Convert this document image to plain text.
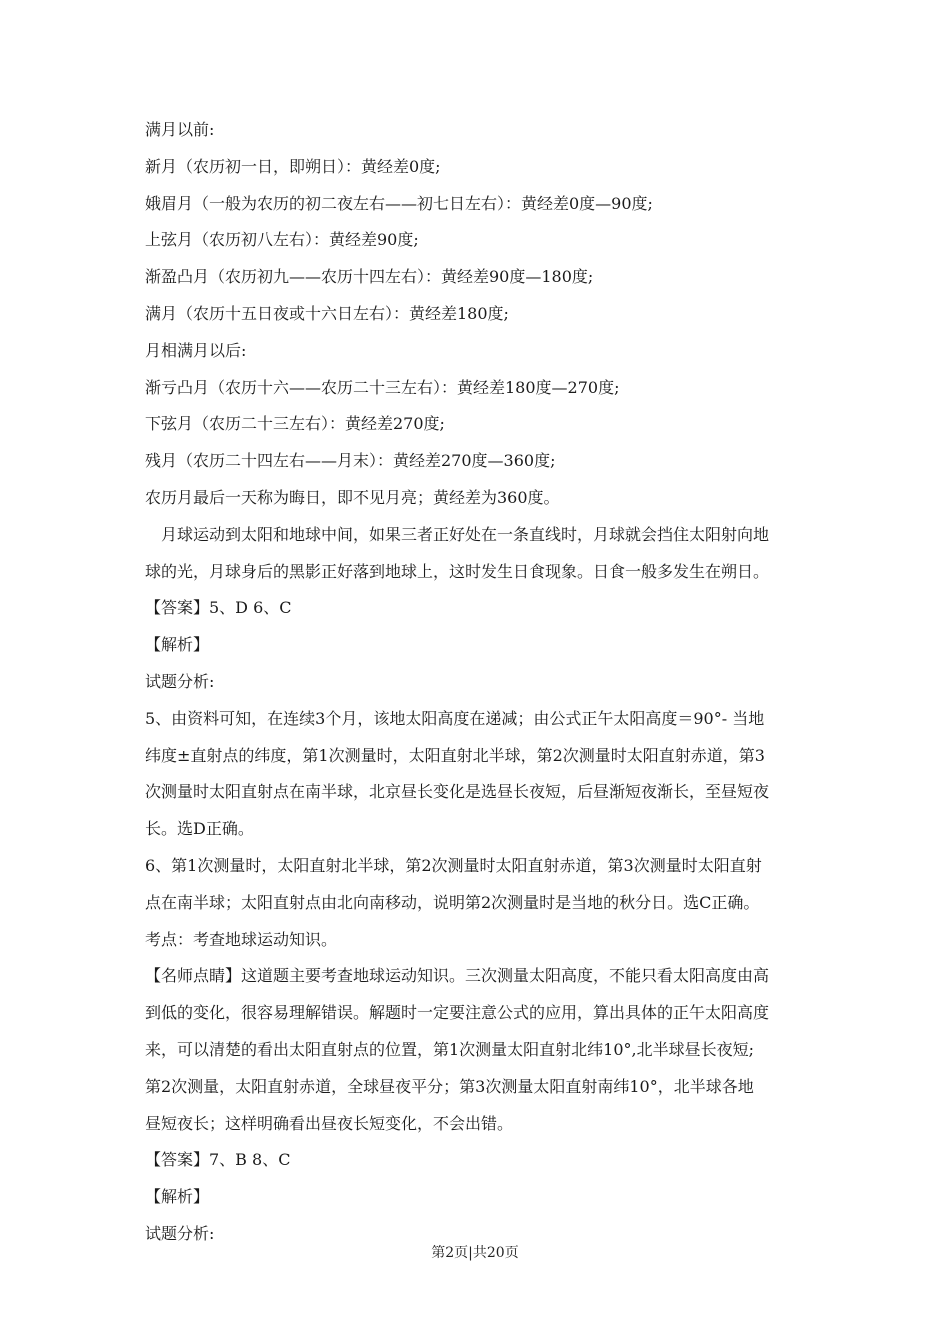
满月以前:
新月（农历初一日，即朔日）：黄经差0度;
娥眉月（一般为农历的初二夜左右——初七日左右）：黄经差0度—90度;
上弦月（农历初八左右）：黄经差90度;
渐盈凸月（农历初九——农历十四左右）：黄经差90度—180度;
满月（农历十五日夜或十六日左右）：黄经差180度;
月相满月以后:
渐亏凸月（农历十六——农历二十三左右）：黄经差180度—270度;
下弦月（农历二十三左右）：黄经差270度;
残月（农历二十四左右——月末）：黄经差270度—360度;
农历月最后一天称为晦日，即不见月亮；黄经差为360度。
月球运动到太阳和地球中间，如果三者正好处在一条直线时，月球就会挡住太阳射向地
球的光，月球身后的黑影正好落到地球上，这时发生日食现象。日食一般多发生在朔日。
【答案】5、D 6、C
【解析】
试题分析:
5、由资料可知，在连续3个月，该地太阳高度在递减；由公式正午太阳高度＝90°- 当地
纬度±直射点的纬度，第1次测量时，太阳直射北半球，第2次测量时太阳直射赤道，第3
次测量时太阳直射点在南半球，北京昼长变化是选昼长夜短，后昼渐短夜渐长，至昼短夜
长。选D正确。
6、第1次测量时，太阳直射北半球，第2次测量时太阳直射赤道，第3次测量时太阳直射
点在南半球；太阳直射点由北向南移动，说明第2次测量时是当地的秋分日。选C正确。
考点：考查地球运动知识。
【名师点睛】这道题主要考查地球运动知识。三次测量太阳高度，不能只看太阳高度由高
到低的变化，很容易理解错误。解题时一定要注意公式的应用，算出具体的正午太阳高度
来，可以清楚的看出太阳直射点的位置，第1次测量太阳直射北纬10°,北半球昼长夜短;
第2次测量，太阳直射赤道，全球昼夜平分；第3次测量太阳直射南纬10°，北半球各地
昼短夜长；这样明确看出昼夜长短变化，不会出错。
【答案】7、B 8、C
【解析】
试题分析:
第2页|共20页
